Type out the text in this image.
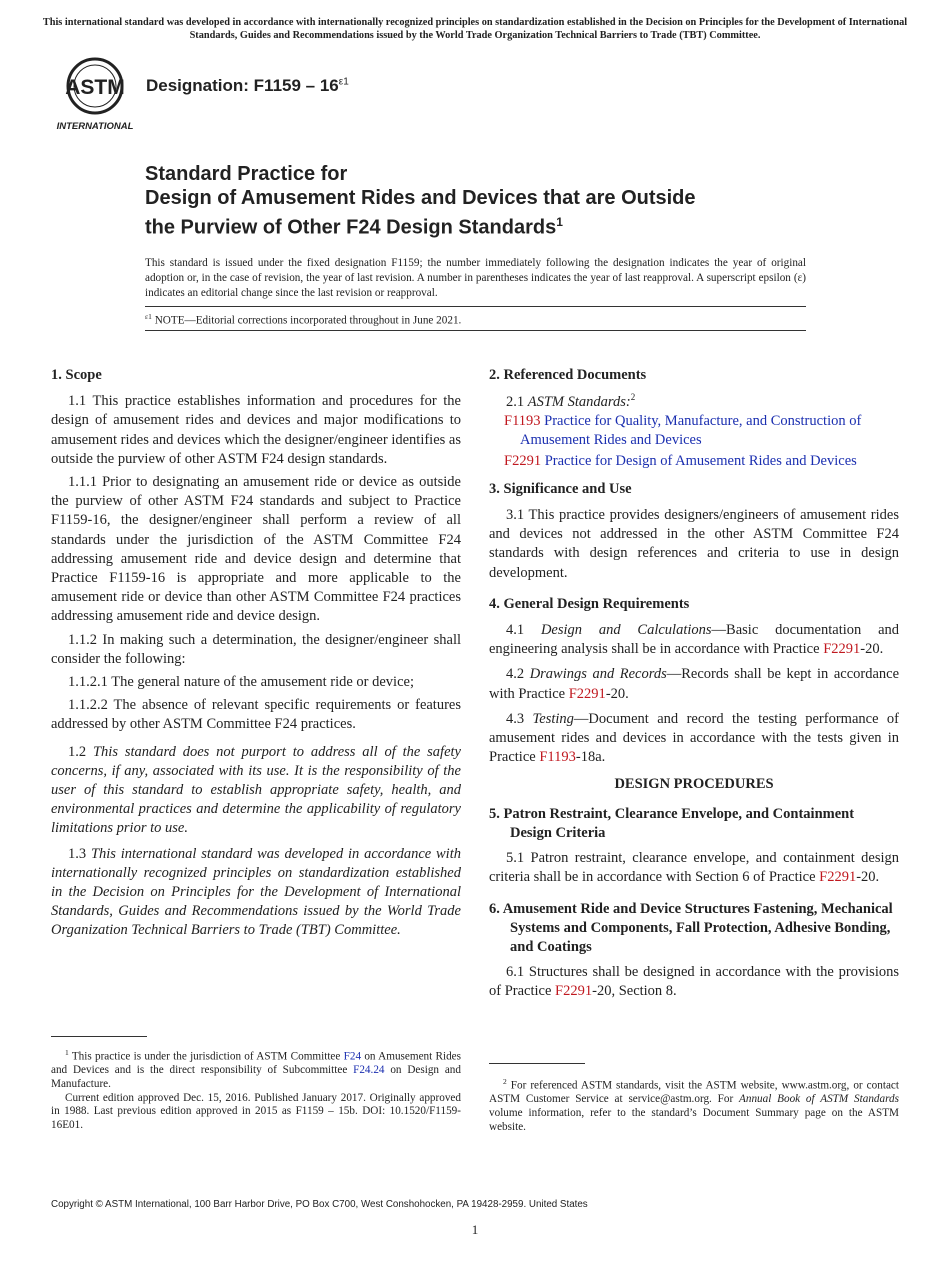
This international standard was developed in accordance with internationally recognized principles on standardization established in the Decision on Principles for the Development of International Standards, Guides and Recommendations issued by the World Trade Organization Technical Barriers to Trade (TBT) Committee.
ASTM
INTERNATIONAL
Designation: $F1159 - 16^{\varepsilon 1}$
Standard Practice for
Design of Amusement Rides and Devices that are Outside
the Purview of Other F24 Design Standards$^1$
This standard is issued under the fixed designation F1159; the number immediately following the designation indicates the year of original adoption or, in the case of revision, the year of last revision. A number in parentheses indicates the year of last reapproval. A superscript epsilon (ε) indicates an editorial change since the last revision or reapproval.
$^{\varepsilon 1}$ NOTE—Editorial corrections incorporated throughout in June 2021.
1. Scope
1.1 This practice establishes information and procedures for the design of amusement rides and devices and major modifications to amusement rides and devices which the designer/engineer identifies as outside the purview of other ASTM F24 design standards.
1.1.1 Prior to designating an amusement ride or device as outside the purview of other ASTM F24 standards and subject to Practice F1159-16, the designer/engineer shall perform a review of all standards under the jurisdiction of the ASTM Committee F24 addressing amusement ride and device design and determine that Practice F1159-16 is appropriate and more applicable to the amusement ride or device than other ASTM Committee F24 practices addressing amusement ride and device design.
1.1.2 In making such a determination, the designer/engineer shall consider the following:
1.1.2.1 The general nature of the amusement ride or device;
1.1.2.2 The absence of relevant specific requirements or features addressed by other ASTM Committee F24 practices.
1.2 This standard does not purport to address all of the safety concerns, if any, associated with its use. It is the responsibility of the user of this standard to establish appropriate safety, health, and environmental practices and determine the applicability of regulatory limitations prior to use.
1.3 This international standard was developed in accordance with internationally recognized principles on standardization established in the Decision on Principles for the Development of International Standards, Guides and Recommendations issued by the World Trade Organization Technical Barriers to Trade (TBT) Committee.
2. Referenced Documents
2.1 ASTM Standards:$^2$
F1193 Practice for Quality, Manufacture, and Construction of Amusement Rides and Devices
F2291 Practice for Design of Amusement Rides and Devices
3. Significance and Use
3.1 This practice provides designers/engineers of amusement rides and devices not addressed in the other ASTM Committee F24 standards with design references and criteria to use in design development.
4. General Design Requirements
4.1 Design and Calculations—Basic documentation and engineering analysis shall be in accordance with Practice F2291-20.
4.2 Drawings and Records—Records shall be kept in accordance with Practice F2291-20.
4.3 Testing—Document and record the testing performance of amusement rides and devices in accordance with the tests given in Practice F1193-18a.
DESIGN PROCEDURES
5. Patron Restraint, Clearance Envelope, and Containment Design Criteria
5.1 Patron restraint, clearance envelope, and containment design criteria shall be in accordance with Section 6 of Practice F2291-20.
6. Amusement Ride and Device Structures Fastening, Mechanical Systems and Components, Fall Protection, Adhesive Bonding, and Coatings
6.1 Structures shall be designed in accordance with the provisions of Practice F2291-20, Section 8.
$^1$ This practice is under the jurisdiction of ASTM Committee F24 on Amusement Rides and Devices and is the direct responsibility of Subcommittee F24.24 on Design and Manufacture.
Current edition approved Dec. 15, 2016. Published January 2017. Originally approved in 1988. Last previous edition approved in 2015 as F1159 – 15b. DOI: 10.1520/F1159-16E01.
$^2$ For referenced ASTM standards, visit the ASTM website, www.astm.org, or contact ASTM Customer Service at service@astm.org. For Annual Book of ASTM Standards volume information, refer to the standard’s Document Summary page on the ASTM website.
Copyright © ASTM International, 100 Barr Harbor Drive, PO Box C700, West Conshohocken, PA 19428-2959. United States
1
